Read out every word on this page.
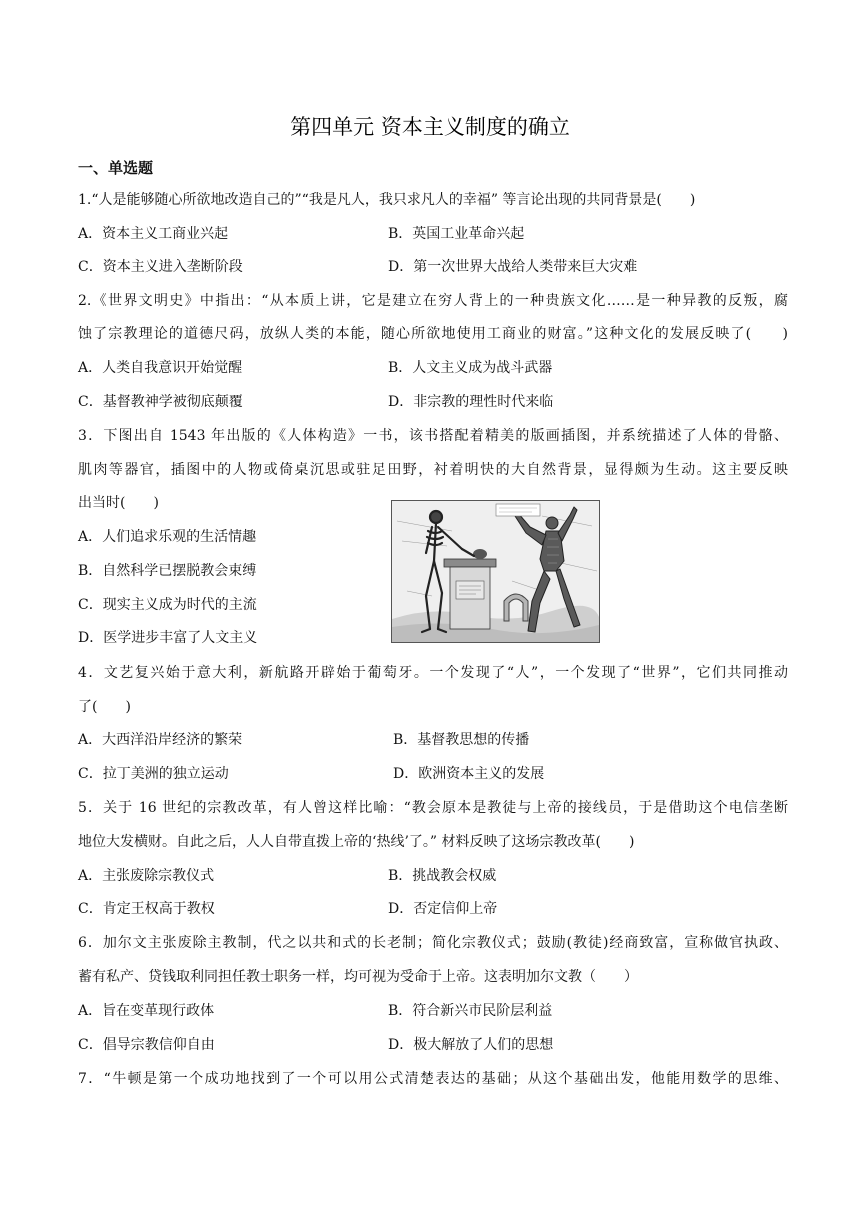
第四单元 资本主义制度的确立
一、单选题
1.“人是能够随心所欲地改造自己的”“我是凡人，我只求凡人的幸福” 等言论出现的共同背景是(　　)
A．资本主义工商业兴起	B．英国工业革命兴起
C．资本主义进入垄断阶段	D．第一次世界大战给人类带来巨大灾难
2.《世界文明史》中指出：“从本质上讲，它是建立在穷人背上的一种贵族文化……是一种异教的反叛，腐
蚀了宗教理论的道德尺码，放纵人类的本能，随心所欲地使用工商业的财富。”这种文化的发展反映了(　　)
A．人类自我意识开始觉醒	B．人文主义成为战斗武器
C．基督教神学被彻底颠覆	D．非宗教的理性时代来临
3．下图出自 1543 年出版的《人体构造》一书，该书搭配着精美的版画插图，并系统描述了人体的骨骼、
肌肉等器官，插图中的人物或倚桌沉思或驻足田野，衬着明快的大自然背景，显得颇为生动。这主要反映
出当时(　　)
A．人们追求乐观的生活情趣
B．自然科学已摆脱教会束缚
C．现实主义成为时代的主流
D．医学进步丰富了人文主义
4．文艺复兴始于意大利，新航路开辟始于葡萄牙。一个发现了“人”，一个发现了“世界”，它们共同推动
了(　　)
A．大西洋沿岸经济的繁荣	B．基督教思想的传播
C．拉丁美洲的独立运动	D．欧洲资本主义的发展
5．关于 16 世纪的宗教改革，有人曾这样比喻：“教会原本是教徒与上帝的接线员，于是借助这个电信垄断
地位大发横财。自此之后，人人自带直拨上帝的‘热线’了。” 材料反映了这场宗教改革(　　)
A．主张废除宗教仪式	B．挑战教会权威
C．肯定王权高于教权	D．否定信仰上帝
6．加尔文主张废除主教制，代之以共和式的长老制；简化宗教仪式；鼓励(教徒)经商致富，宣称做官执政、
蓄有私产、贷钱取利同担任教士职务一样，均可视为受命于上帝。这表明加尔文教（　　）
A．旨在变革现行政体	B．符合新兴市民阶层利益
C．倡导宗教信仰自由	D．极大解放了人们的思想
7．“牛顿是第一个成功地找到了一个可以用公式清楚表达的基础；从这个基础出发，他能用数学的思维、
